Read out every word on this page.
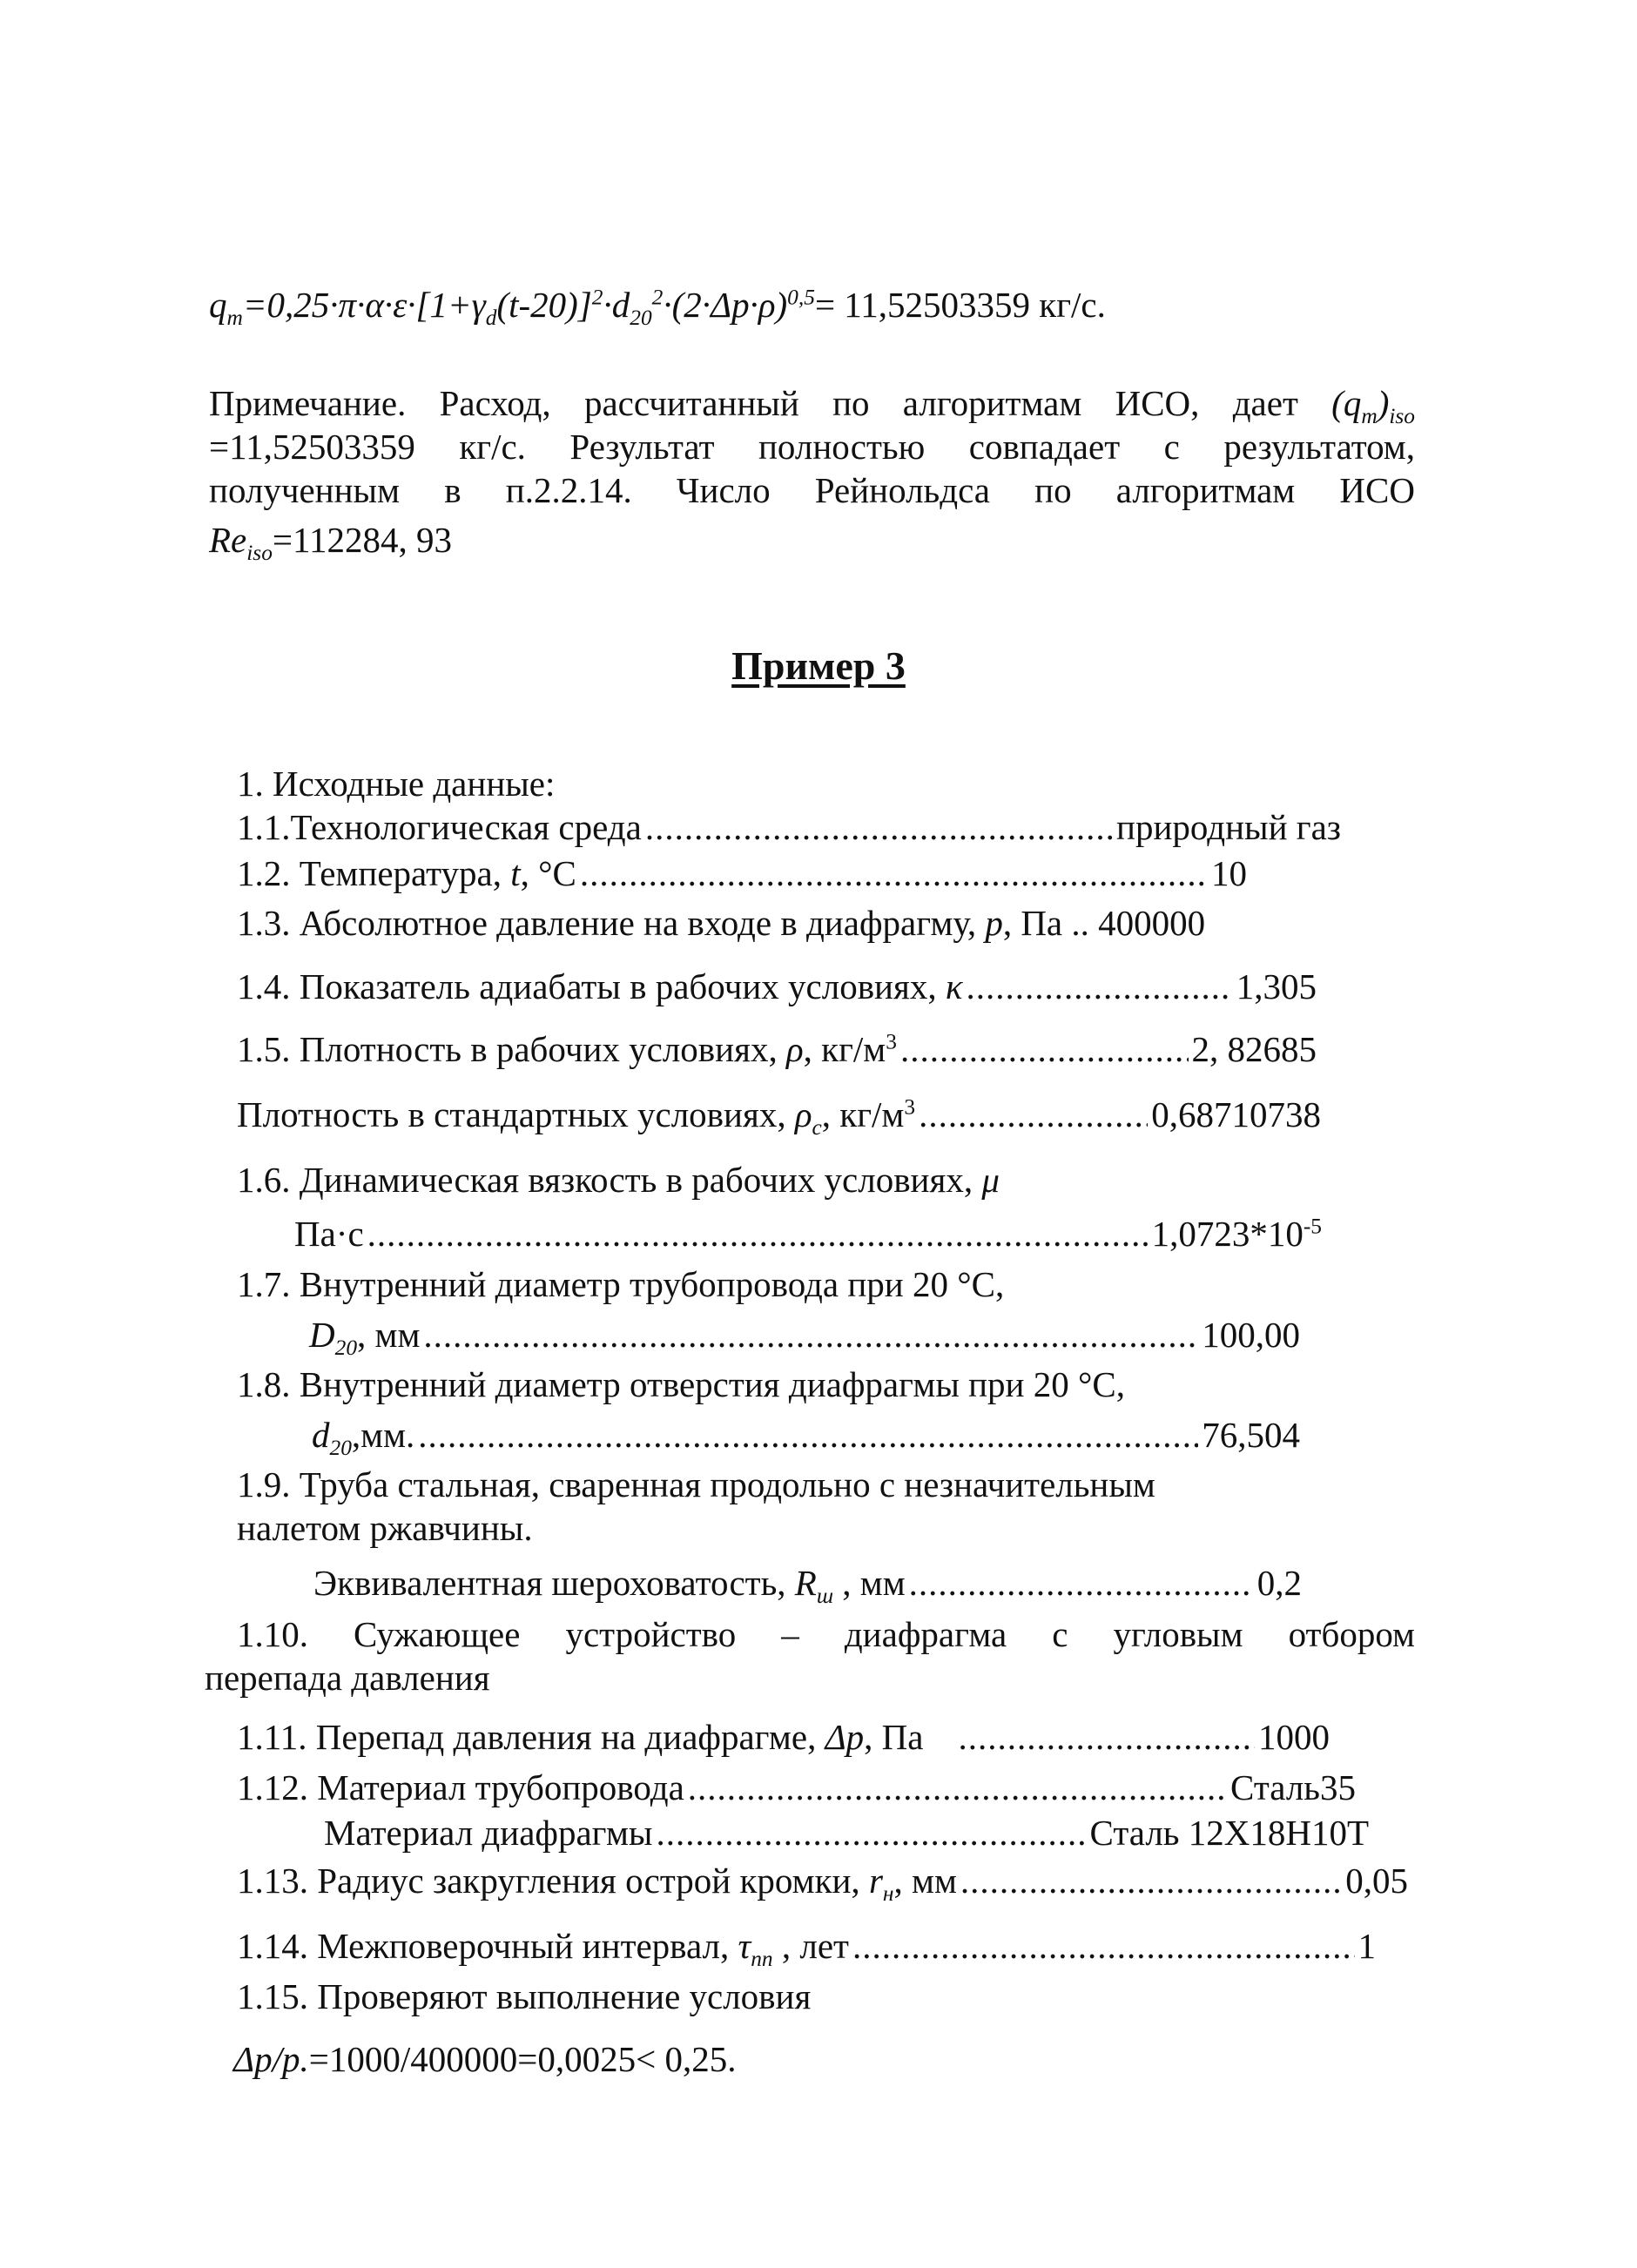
$q_m=0,25\cdot\pi\cdot\alpha\cdot\varepsilon\cdot[1+\gamma_d(t-20)]^2\cdot d_{20}^2\cdot(2\cdot\Delta p\cdot\rho)^{0,5}= 11,52503359$ кг/с.
Примечание. Расход, рассчитанный по алгоритмам ИСО, дает $(q_m)_{iso}$
=11,52503359 кг/с. Результат полностью совпадает с результатом,
полученным в п.2.2.14. Число Рейнольдса по алгоритмам ИСО
$Re_{iso}=112284$, 93
Пример 3
1. Исходные данные:
1.1.Технологическая среда .....	природный газ
1.2. Температура, t, °С .....	10
1.3. Абсолютное давление на входе в диафрагму, p, Па .. 400000
1.4. Показатель адиабаты в рабочих условиях, κ .....	1,305
1.5. Плотность в рабочих условиях, ρ, $кг/м^3$ .....	2, 82685
Плотность в стандартных условиях, $\rho_c$, $кг/м^3$ .....	0,68710738
1.6. Динамическая вязкость в рабочих условиях, μ
Па·с .....	$1,0723*10^{-5}$
1.7. Внутренний диаметр трубопровода при 20 °С,
$D_{20}$, мм .....	100,00
1.8. Внутренний диаметр отверстия диафрагмы при 20 °С,
$d_{20},мм$. .....	76,504
1.9. Труба стальная, сваренная продольно с незначительным
налетом ржавчины.
Эквивалентная шероховатость, $R_ш$ , мм .....	0,2
1.10. Сужающее устройство – диафрагма с угловым отбором
перепада давления
1.11. Перепад давления на диафрагме, Δp, Па .....	1000
1.12. Материал трубопровода .....	Сталь35
Материал диафрагмы .....	Сталь 12Х18Н10Т
1.13. Радиус закругления острой кромки, $r_н$, мм .....	0,05
1.14. Межповерочный интервал, $\tau_{пп}$ , лет .....	1
1.15. Проверяют выполнение условия
Δp/p.=1000/400000=0,0025< 0,25.
